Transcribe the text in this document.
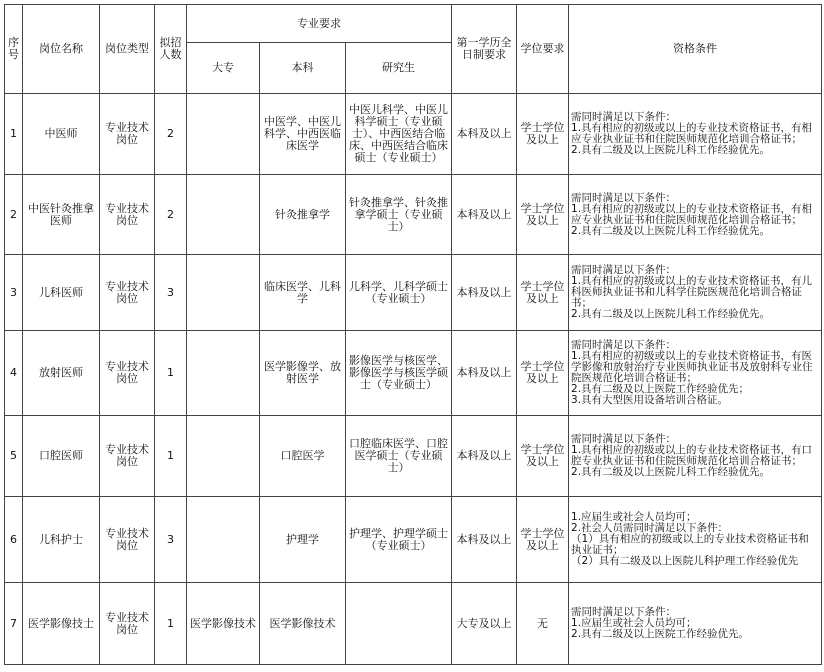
序号	岗位名称	岗位类型	拟招人数	专业要求			第一学历全日制要求	学位要求	资格条件
				大专	本科	研究生			
1	中医师	专业技术岗位	2		中医学、中医儿科学、中西医临床医学	中医儿科学、中医儿科学硕士（专业硕士）、中西医结合临床、中西医结合临床硕士（专业硕士）	本科及以上	学士学位及以上	需同时满足以下条件：
1.具有相应的初级或以上的专业技术资格证书，有相应专业执业证书和住院医师规范化培训合格证书；
2.具有二级及以上医院儿科工作经验优先。

2	中医针灸推拿医师	专业技术岗位	2		针灸推拿学	针灸推拿学、针灸推拿学硕士（专业硕士）	本科及以上	学士学位及以上	需同时满足以下条件：
1.具有相应的初级或以上的专业技术资格证书，有相应专业执业证书和住院医师规范化培训合格证书；
2.具有二级及以上医院儿科工作经验优先。

3	儿科医师	专业技术岗位	3		临床医学、儿科学	儿科学、儿科学硕士（专业硕士）	本科及以上	学士学位及以上	需同时满足以下条件：
1.具有相应的初级或以上的专业技术资格证书，有儿科医师执业证书和儿科学住院医规范化培训合格证书；
2.具有二级及以上医院儿科工作经验优先。

4	放射医师	专业技术岗位	1		医学影像学、放射医学	影像医学与核医学、影像医学与核医学硕士（专业硕士）	本科及以上	学士学位及以上	需同时满足以下条件：
1.具有相应的初级或以上的专业技术资格证书，有医学影像和放射治疗专业医师执业证书及放射科专业住院医规范化培训合格证书；
2.具有二级及以上医院工作经验优先；
3.具有大型医用设备培训合格证。

5	口腔医师	专业技术岗位	1		口腔医学	口腔临床医学、口腔医学硕士（专业硕士）	本科及以上	学士学位及以上	需同时满足以下条件：
1.具有相应的初级或以上的专业技术资格证书，有口腔专业执业证书和住院医师规范化培训合格证书；
2.具有二级及以上医院儿科工作经验优先。

6	儿科护士	专业技术岗位	3		护理学	护理学、护理学硕士（专业硕士）	本科及以上	学士学位及以上	1.应届生或社会人员均可；
2.社会人员需同时满足以下条件：
（1）具有相应的初级或以上的专业技术资格证书和执业证书；
（2）具有二级及以上医院儿科护理工作经验优先

7	医学影像技士	专业技术岗位	1	医学影像技术	医学影像技术		大专及以上	无	需同时满足以下条件：
1.应届生或社会人员均可；
2.具有二级及以上医院工作经验优先。
